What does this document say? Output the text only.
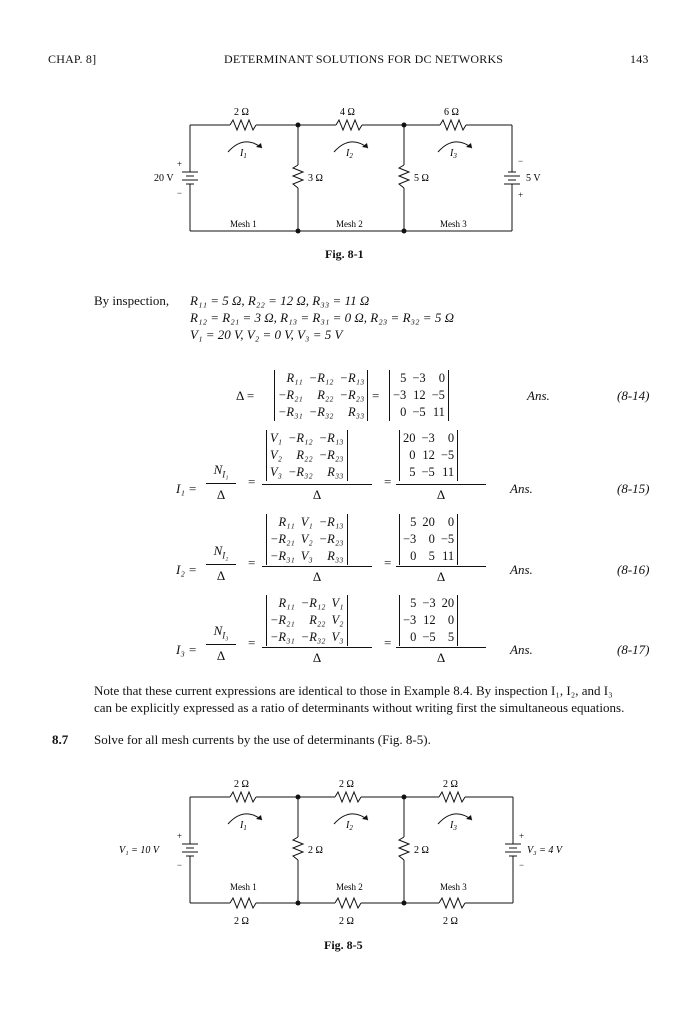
CHAP. 8]	DETERMINANT SOLUTIONS FOR DC NETWORKS	143
2 Ω	4 Ω	6 Ω
3 Ω	5 Ω
20 V	5 V
+
−
−
+
$I_1$	$I_2$	$I_3$
Mesh 1	Mesh 2	Mesh 3
Fig. 8-1
By inspection, R₁₁ = 5 Ω, R₂₂ = 12 Ω, R₃₃ = 11 Ω
R₁₂ = R₂₁ = 3 Ω, R₁₃ = R₃₁ = 0 Ω, R₂₃ = R₃₂ = 5 Ω
V₁ = 20 V, V₂ = 0 V, V₃ = 5 V
Δ =
R₁₁	−R₁₂	−R₁₃
−R₂₁	R₂₂	−R₂₃
−R₃₁	−R₃₂	R₃₃
=
5	−3	0
−3	12	−5
0	−5	11
Ans.	(8-14)
I₁ =
$N_{I_1}$
Δ
=
V₁	−R₁₂	−R₁₃
V₂	R₂₂	−R₂₃
V₃	−R₃₂	R₃₃
Δ
=
20	−3	0
0	12	−5
5	−5	11
Δ	Ans.	(8-15)
I₂ =
$N_{I_2}$
Δ
=
R₁₁	V₁	−R₁₃
−R₂₁	V₂	−R₂₃
−R₃₁	V₃	R₃₃
Δ
=
5	20	0
−3	0	−5
0	5	11
Δ	Ans.	(8-16)
I₃ =
$N_{I_3}$
Δ
=
R₁₁	−R₁₂	V₁
−R₂₁	R₂₂	V₂
−R₃₁	−R₃₂	V₃
Δ
=
5	−3	20
−3	12	0
0	−5	5
Δ
Ans.	(8-17)
Note that these current expressions are identical to those in Example 8.4. By inspection I₁, I₂, and I₃
can be explicitly expressed as a ratio of determinants without writing first the simultaneous equations.
8.7 Solve for all mesh currents by the use of determinants (Fig. 8-5).
2 Ω	2 Ω	2 Ω
2 Ω	2 Ω	2 Ω
2 Ω	2 Ω
V₁ = 10 V	V₃ = 4 V
+
−
+
−
$I_1$	$I_2$	$I_3$
Mesh 1	Mesh 2	Mesh 3
Fig. 8-5
